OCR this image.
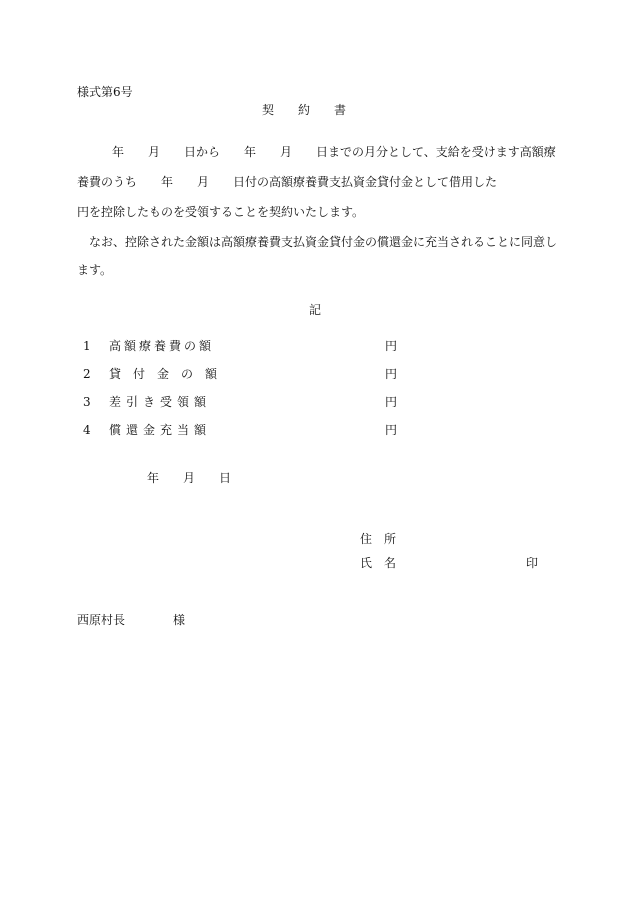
様式第6号
契　　約　　書
年　　月　　日から　　年　　月　　日までの月分として、支給を受けます高額療
養費のうち　　年　　月　　日付の高額療養費支払資金貸付金として借用した
円を控除したものを受領することを契約いたします。
なお、控除された金額は高額療養費支払資金貸付金の償還金に充当されることに同意し
ます。
記
1 高額療養費の額	円
2 貸　付　金　の　額	円
3 差引き受領額	円
4 償還金充当額	円
年　　月　　日
住　所
氏　名	印
西原村長　　　　様
